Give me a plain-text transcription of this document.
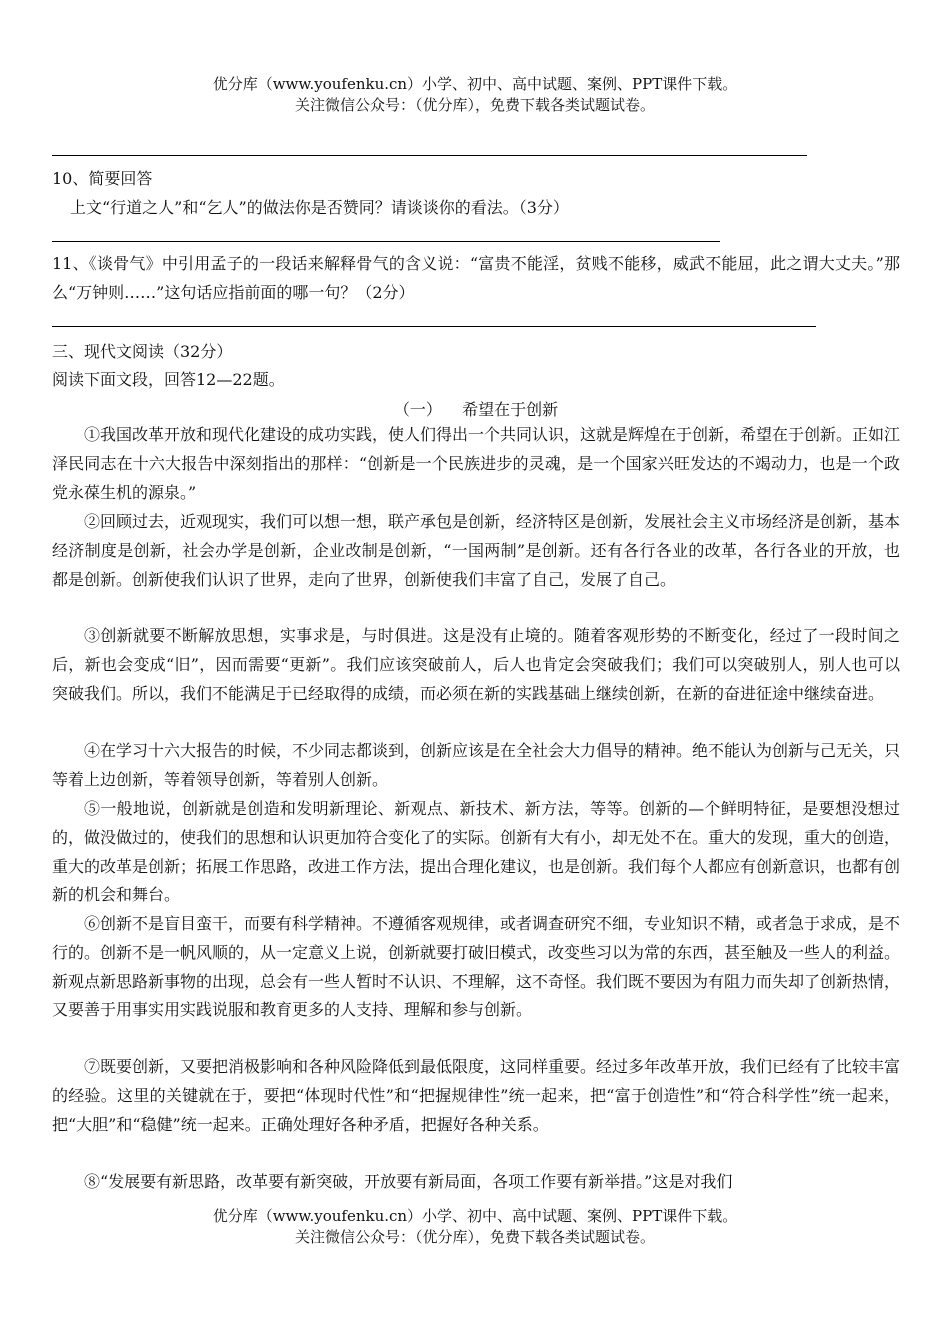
优分库（www.youfenku.cn）小学、初中、高中试题、案例、PPT课件下载。
关注微信公众号：（优分库），免费下载各类试题试卷。
10、简要回答
上文“行道之人”和“乞人”的做法你是否赞同？请谈谈你的看法。（3分）
11、《谈骨气》中引用孟子的一段话来解释骨气的含义说：“富贵不能淫，贫贱不能移，威武不能屈，此之谓大丈夫。”那么“万钟则……”这句话应指前面的哪一句？（2分）
三、现代文阅读（32分）
阅读下面文段，回答12—22题。
（一）    希望在于创新
①我国改革开放和现代化建设的成功实践，使人们得出一个共同认识，这就是辉煌在于创新，希望在于创新。正如江泽民同志在十六大报告中深刻指出的那样：“创新是一个民族进步的灵魂，是一个国家兴旺发达的不竭动力，也是一个政党永葆生机的源泉。”
②回顾过去，近观现实，我们可以想一想，联产承包是创新，经济特区是创新，发展社会主义市场经济是创新，基本经济制度是创新，社会办学是创新，企业改制是创新，“一国两制”是创新。还有各行各业的改革，各行各业的开放，也都是创新。创新使我们认识了世界，走向了世界，创新使我们丰富了自己，发展了自己。
③创新就要不断解放思想，实事求是，与时俱进。这是没有止境的。随着客观形势的不断变化，经过了一段时间之后，新也会变成“旧”，因而需要“更新”。我们应该突破前人，后人也肯定会突破我们；我们可以突破别人，别人也可以突破我们。所以，我们不能满足于已经取得的成绩，而必须在新的实践基础上继续创新，在新的奋进征途中继续奋进。
④在学习十六大报告的时候，不少同志都谈到，创新应该是在全社会大力倡导的精神。绝不能认为创新与己无关，只等着上边创新，等着领导创新，等着别人创新。
⑤一般地说，创新就是创造和发明新理论、新观点、新技术、新方法，等等。创新的—个鲜明特征，是要想没想过的，做没做过的，使我们的思想和认识更加符合变化了的实际。创新有大有小，却无处不在。重大的发现，重大的创造，重大的改革是创新；拓展工作思路，改进工作方法，提出合理化建议，也是创新。我们每个人都应有创新意识，也都有创新的机会和舞台。
⑥创新不是盲目蛮干，而要有科学精神。不遵循客观规律，或者调查研究不细，专业知识不精，或者急于求成，是不行的。创新不是一帆风顺的，从一定意义上说，创新就要打破旧模式，改变些习以为常的东西，甚至触及一些人的利益。新观点新思路新事物的出现，总会有一些人暂时不认识、不理解，这不奇怪。我们既不要因为有阻力而失却了创新热情，又要善于用事实用实践说服和教育更多的人支持、理解和参与创新。
⑦既要创新，又要把消极影响和各种风险降低到最低限度，这同样重要。经过多年改革开放，我们已经有了比较丰富的经验。这里的关键就在于，要把“体现时代性”和“把握规律性”统一起来，把“富于创造性”和“符合科学性”统一起来，把“大胆”和“稳健”统一起来。正确处理好各种矛盾，把握好各种关系。
⑧“发展要有新思路，改革要有新突破，开放要有新局面，各项工作要有新举措。”这是对我们
优分库（www.youfenku.cn）小学、初中、高中试题、案例、PPT课件下载。
关注微信公众号：（优分库），免费下载各类试题试卷。
